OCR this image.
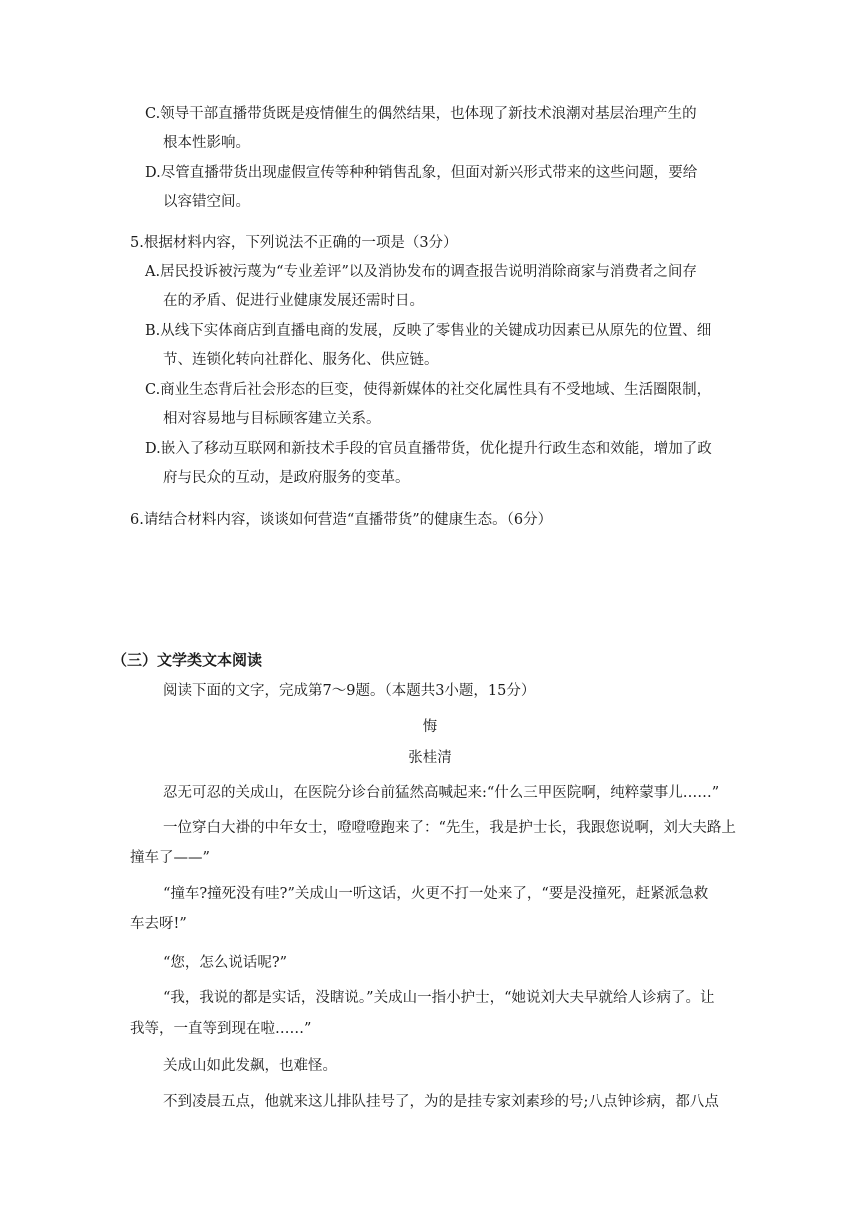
C.领导干部直播带货既是疫情催生的偶然结果，也体现了新技术浪潮对基层治理产生的
根本性影响。
D.尽管直播带货出现虚假宣传等种种销售乱象，但面对新兴形式带来的这些问题，要给
以容错空间。
5.根据材料内容，下列说法不正确的一项是（3分）
A.居民投诉被污蔑为“专业差评”以及消协发布的调查报告说明消除商家与消费者之间存
在的矛盾、促进行业健康发展还需时日。
B.从线下实体商店到直播电商的发展，反映了零售业的关键成功因素已从原先的位置、细
节、连锁化转向社群化、服务化、供应链。
C.商业生态背后社会形态的巨变，使得新媒体的社交化属性具有不受地域、生活圈限制，
相对容易地与目标顾客建立关系。
D.嵌入了移动互联网和新技术手段的官员直播带货，优化提升行政生态和效能，增加了政
府与民众的互动，是政府服务的变革。
6.请结合材料内容，谈谈如何营造“直播带货”的健康生态。（6分）
（三）文学类文本阅读
阅读下面的文字，完成第7～9题。（本题共3小题，15分）
悔
张桂清
忍无可忍的关成山，在医院分诊台前猛然高喊起来:“什么三甲医院啊，纯粹蒙事儿……”
一位穿白大褂的中年女士，噔噔噔跑来了：“先生，我是护士长，我跟您说啊，刘大夫路上
撞车了——”
“撞车?撞死没有哇?”关成山一听这话，火更不打一处来了，“要是没撞死，赶紧派急救
车去呀!”
“您，怎么说话呢?”
“我，我说的都是实话，没瞎说。”关成山一指小护士，“她说刘大夫早就给人诊病了。让
我等，一直等到现在啦……”
关成山如此发飙，也难怪。
不到凌晨五点，他就来这儿排队挂号了，为的是挂专家刘素珍的号;八点钟诊病，都八点
